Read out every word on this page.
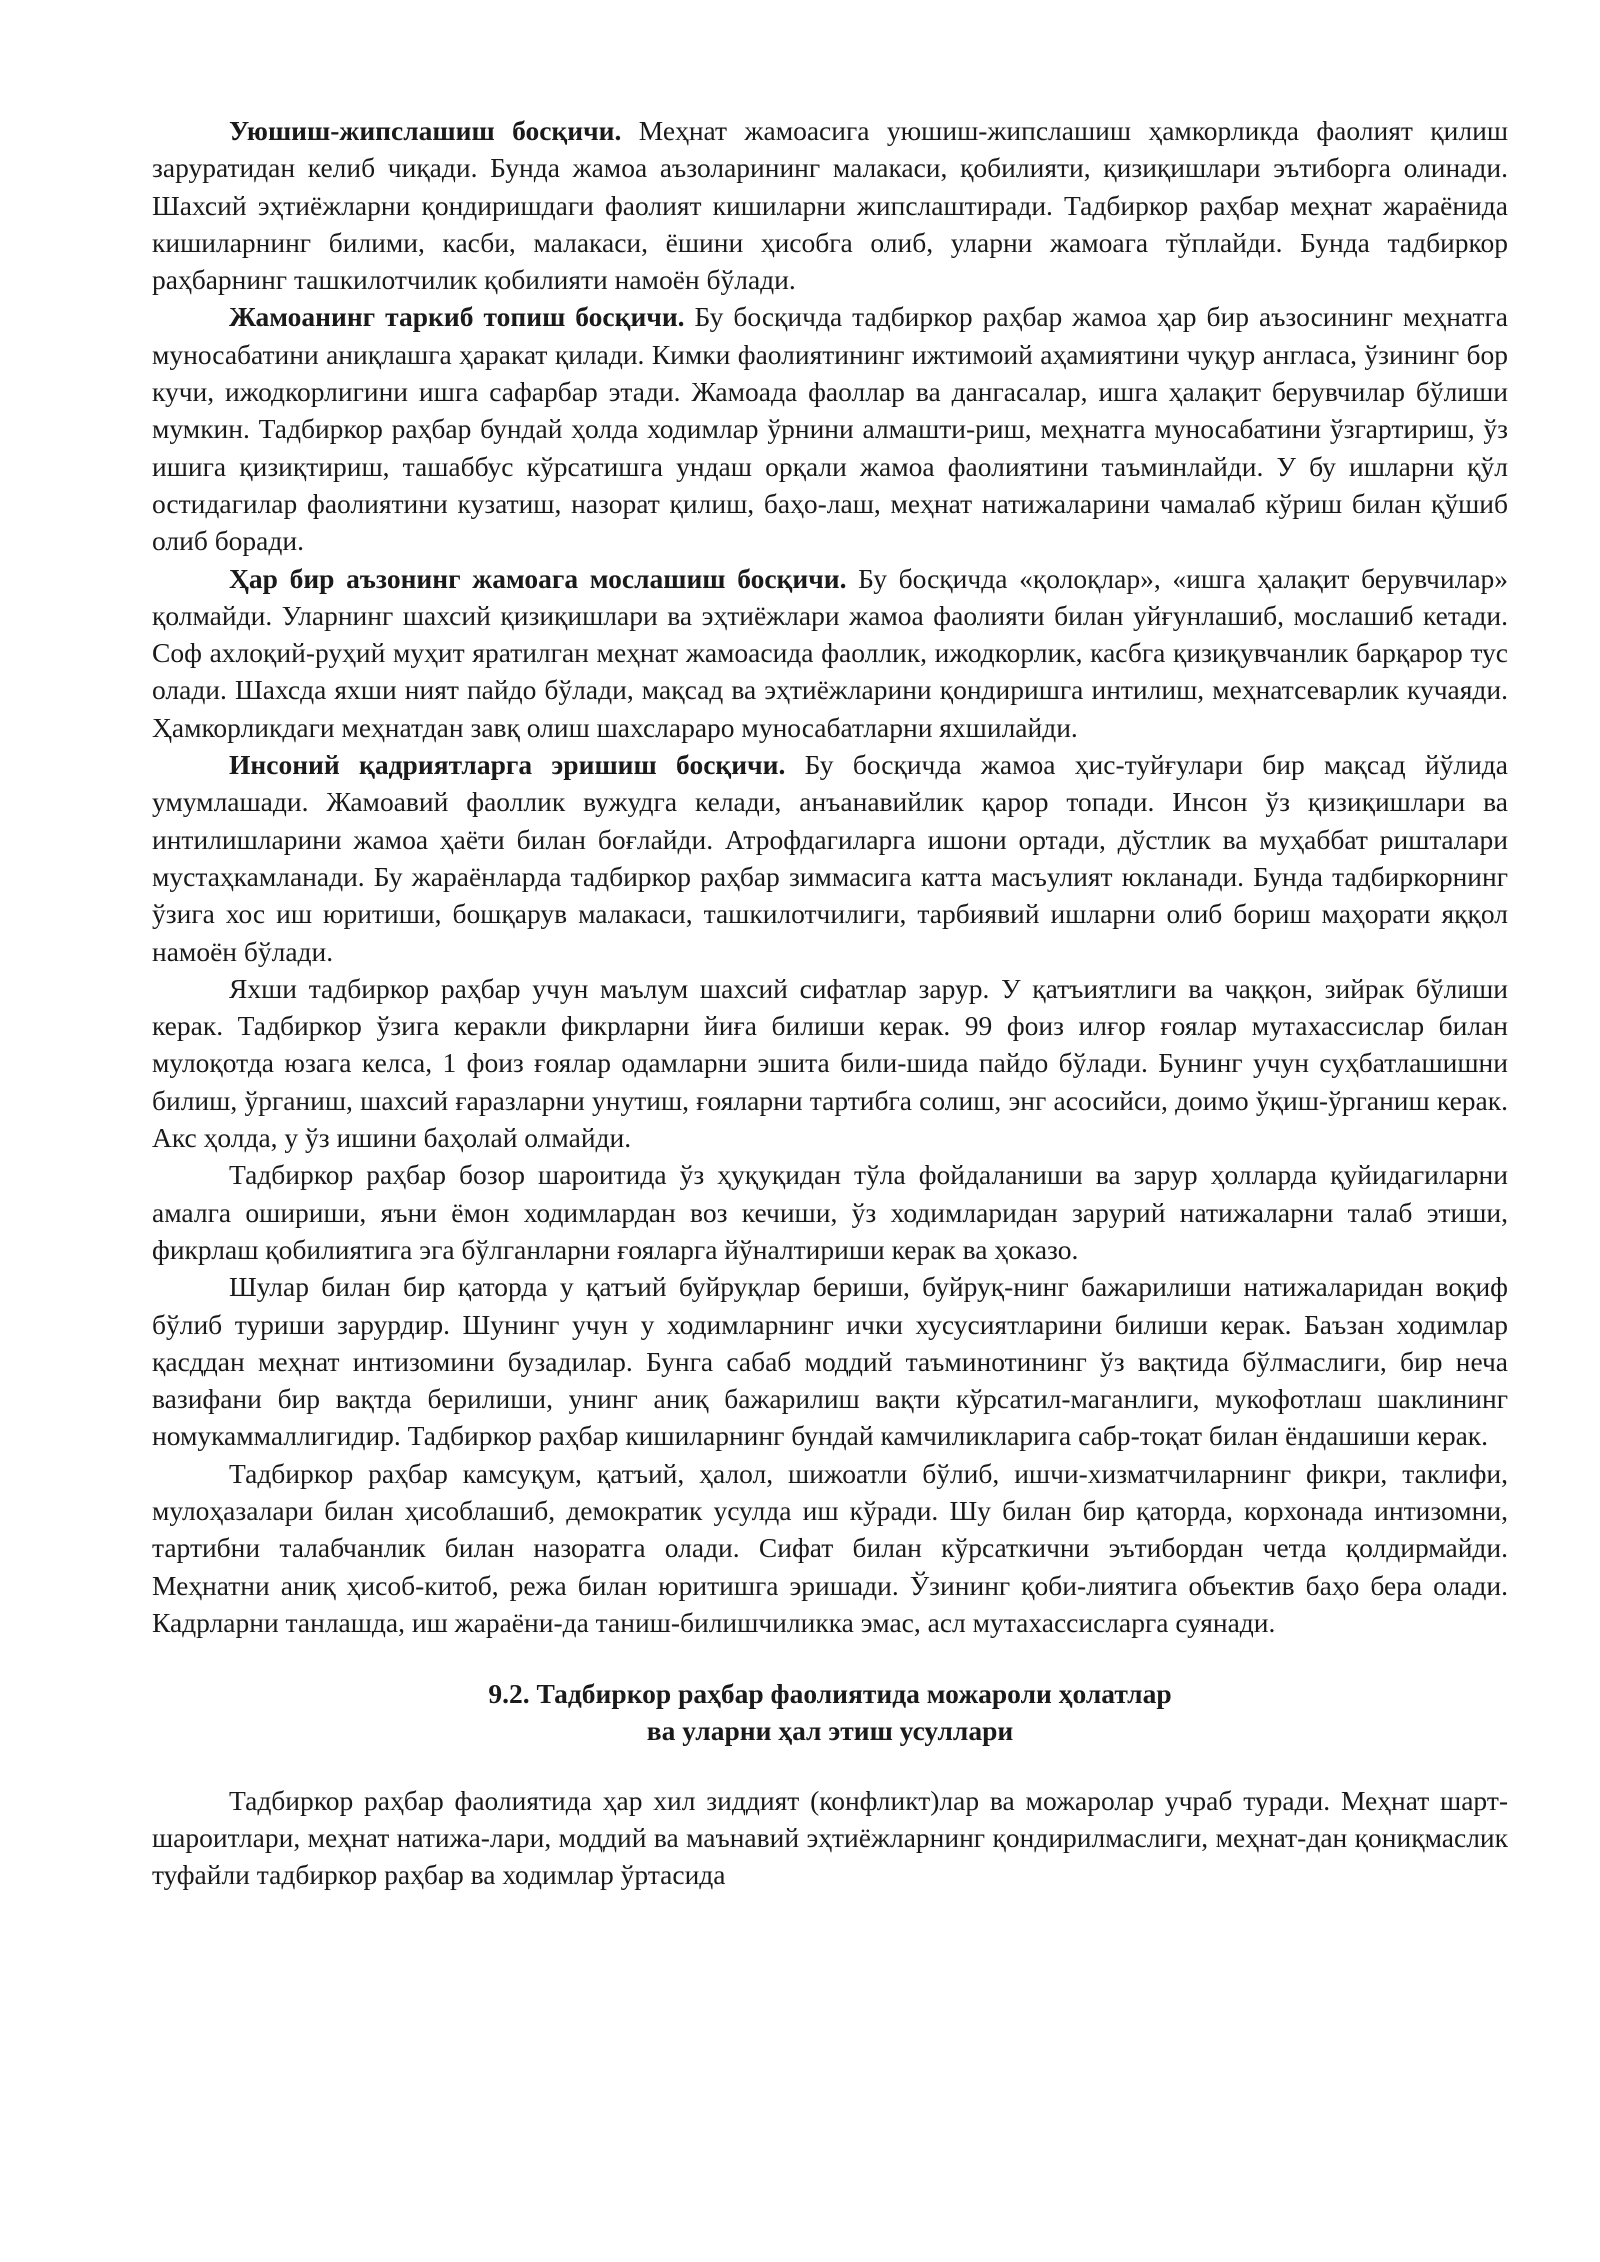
Уюшиш-жипслашиш босқичи. Меҳнат жамоасига уюшиш-жипслашиш ҳамкорликда фаолият қилиш заруратидан келиб чиқади. Бунда жамоа аъзоларининг малакаси, қобилияти, қизиқишлари эътиборга олинади. Шахсий эҳтиёжларни қондиришдаги фаолият кишиларни жипслаштиради. Тадбиркор раҳбар меҳнат жараёнида кишиларнинг билими, касби, малакаси, ёшини ҳисобга олиб, уларни жамоага тўплайди. Бунда тадбиркор раҳбарнинг ташкилотчилик қобилияти намоён бўлади.

Жамоанинг таркиб топиш босқичи. Бу босқичда тадбиркор раҳбар жамоа ҳар бир аъзосининг меҳнатга муносабатини аниқлашга ҳаракат қилади. Кимки фаолиятининг ижтимоий аҳамиятини чуқур англаса, ўзининг бор кучи, ижодкорлигини ишга сафарбар этади. Жамоада фаоллар ва дангасалар, ишга ҳалақит берувчилар бўлиши мумкин. Тадбиркор раҳбар бундай ҳолда ходимлар ўрнини алмашти-риш, меҳнатга муносабатини ўзгартириш, ўз ишига қизиқтириш, ташаббус кўрсатишга ундаш орқали жамоа фаолиятини таъминлайди. У бу ишларни қўл остидагилар фаолиятини кузатиш, назорат қилиш, баҳо-лаш, меҳнат натижаларини чамалаб кўриш билан қўшиб олиб боради.

Ҳар бир аъзонинг жамоага мослашиш босқичи. Бу босқичда «қолоқлар», «ишга ҳалақит берувчилар» қолмайди. Уларнинг шахсий қизиқишлари ва эҳтиёжлари жамоа фаолияти билан уйғунлашиб, мослашиб кетади. Соф ахлоқий-руҳий муҳит яратилган меҳнат жамоасида фаоллик, ижодкорлик, касбга қизиқувчанлик барқарор тус олади. Шахсда яхши ният пайдо бўлади, мақсад ва эҳтиёжларини қондиришга интилиш, меҳнатсеварлик кучаяди. Ҳамкорликдаги меҳнатдан завқ олиш шахслараро муносабатларни яхшилайди.

Инсоний қадриятларга эришиш босқичи. Бу босқичда жамоа ҳис-туйғулари бир мақсад йўлида умумлашади. Жамоавий фаоллик вужудга келади, анъанавийлик қарор топади. Инсон ўз қизиқишлари ва интилишларини жамоа ҳаёти билан боғлайди. Атрофдагиларга ишони ортади, дўстлик ва муҳаббат риштaлари мустаҳкамланади. Бу жараёнларда тадбиркор раҳбар зиммасига катта масъулият юкланади. Бунда тадбиркорнинг ўзига хос иш юритиши, бошқарув малакаси, ташкилотчилиги, тарбиявий ишларни олиб бориш маҳорати яққол намоён бўлади.

Яхши тадбиркор раҳбар учун маълум шахсий сифатлар зарур. У қатъиятлиги ва чаққон, зийрак бўлиши керак. Тадбиркор ўзига керакли фикрларни йиға билиши керак. 99 фоиз илғор ғоялар мутахассислар билан мулоқотда юзага келса, 1 фоиз ғоялар одамларни эшита били-шида пайдо бўлади. Бунинг учун суҳбатлашишни билиш, ўрганиш, шахсий ғаразларни унутиш, ғояларни тартибга солиш, энг асосийси, доимо ўқиш-ўрганиш керак. Акс ҳолда, у ўз ишини баҳолай олмайди.

Тадбиркор раҳбар бозор шароитида ўз ҳуқуқидан тўла фойдаланиши ва зарур ҳолларда қуйидагиларни амалга ошириши, яъни ёмон ходимлардан воз кечиши, ўз ходимларидан зарурий натижаларни талаб этиши, фикрлаш қобилиятига эга бўлганларни ғояларга йўналтириши керак ва ҳоказо.

Шулар билан бир қаторда у қатъий буйруқлар бериши, буйруқ-нинг бажарилиши натижаларидан воқиф бўлиб туриши зарурдир. Шунинг учун у ходимларнинг ички хусусиятларини билиши керак. Баъзан ходимлар қасддан меҳнат интизомини бузадилар. Бунга сабаб моддий таъминотининг ўз вақтида бўлмаслиги, бир неча вазифани бир вақтда берилиши, унинг аниқ бажарилиш вақти кўрсатил-маганлиги, мукофотлаш шаклининг номукаммаллигидир. Тадбиркор раҳбар кишиларнинг бундай камчиликларига сабр-тоқат билан ёндашиши керак.

Тадбиркор раҳбар камсуқум, қатъий, ҳалол, шижоатли бўлиб, ишчи-хизматчиларнинг фикри, таклифи, мулоҳазалари билан ҳисоблашиб, демократик усулда иш кўради. Шу билан бир қаторда, корхонада интизомни, тартибни талабчанлик билан назоратга олади. Сифат билан кўрсаткични эътибордан четда қолдирмайди. Меҳнатни аниқ ҳисоб-китоб, режа билан юритишга эришади. Ўзининг қоби-лиятига объектив баҳо бера олади. Кадрларни танлашда, иш жараёни-да таниш-билишчиликка эмас, асл мутахассисларга суянади.

9.2. Тадбиркор раҳбар фаолиятида можароли ҳолатлар
ва уларни ҳал этиш усуллари

Тадбиркор раҳбар фаолиятида ҳар хил зиддият (конфликт)лар ва можаролар учраб туради. Меҳнат шарт-шароитлари, меҳнат натижа-лари, моддий ва маънавий эҳтиёжларнинг қондирилмаслиги, меҳнат-дан қониқмаслик туфайли тадбиркор раҳбар ва ходимлар ўртасида
